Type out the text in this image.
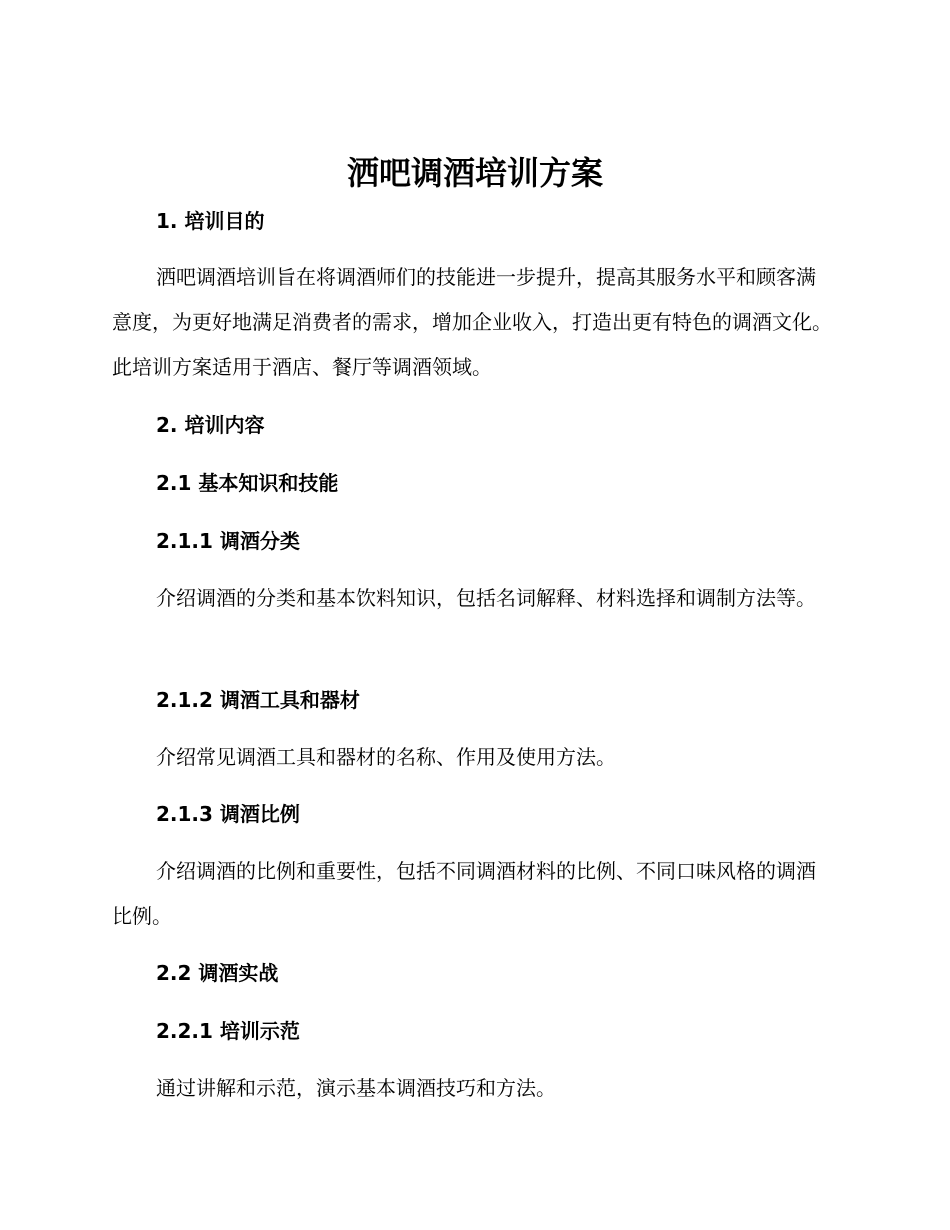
洒吧调酒培训方案
1. 培训目的

洒吧调酒培训旨在将调酒师们的技能进一步提升，提高其服务水平和顾客满意度，为更好地满足消费者的需求，增加企业收入，打造出更有特色的调酒文化。此培训方案适用于酒店、餐厅等调酒领域。

2. 培训内容
2.1 基本知识和技能
2.1.1 调酒分类

介绍调酒的分类和基本饮料知识，包括名词解释、材料选择和调制方法等。

2.1.2 调酒工具和器材

介绍常见调酒工具和器材的名称、作用及使用方法。

2.1.3 调酒比例

介绍调酒的比例和重要性，包括不同调酒材料的比例、不同口味风格的调酒比例。

2.2 调酒实战
2.2.1 培训示范

通过讲解和示范，演示基本调酒技巧和方法。
